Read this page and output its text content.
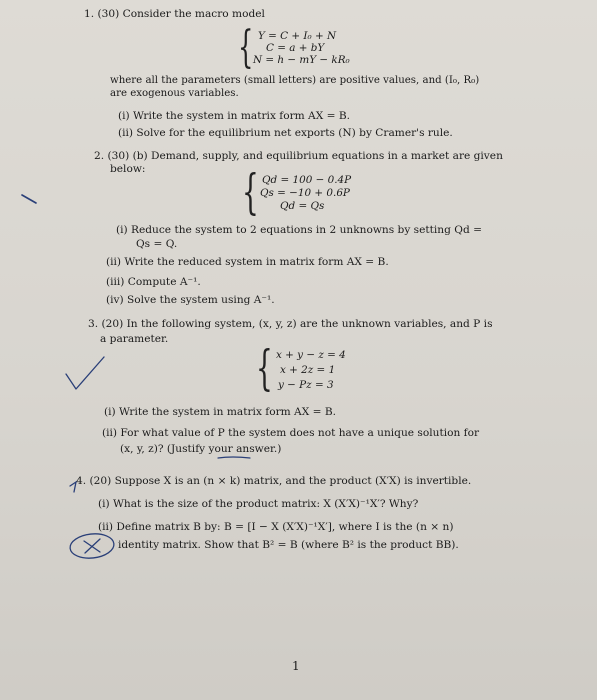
1. (30) Consider the macro model
{ Y = C + I₀ + N
C = a + bY
N = h − mY − kR₀
where all the parameters (small letters) are positive values, and (I₀, R₀)
are exogenous variables.
(i) Write the system in matrix form AX = B.
(ii) Solve for the equilibrium net exports (N) by Cramer's rule.
2. (30) (b) Demand, supply, and equilibrium equations in a market are given
below: { Qd = 100 − 0.4P
Qs = −10 + 0.6P
Qd = Qs
(i) Reduce the system to 2 equations in 2 unknowns by setting Qd =
Qs = Q.
(ii) Write the reduced system in matrix form AX = B.
(iii) Compute A⁻¹.
(iv) Solve the system using A⁻¹.
3. (20) In the following system, (x, y, z) are the unknown variables, and P is
a parameter.
{ x + y − z = 4
x + 2z = 1
y − Pz = 3
(i) Write the system in matrix form AX = B.
(ii) For what value of P the system does not have a unique solution for
(x, y, z)? (Justify your answer.)
4. (20) Suppose X is an (n × k) matrix, and the product (X′X) is invertible.
(i) What is the size of the product matrix: X (X′X)⁻¹X′? Why?
(ii) Define matrix B by: B = [I − X (X′X)⁻¹X′], where I is the (n × n)
identity matrix. Show that B² = B (where B² is the product BB).
1
